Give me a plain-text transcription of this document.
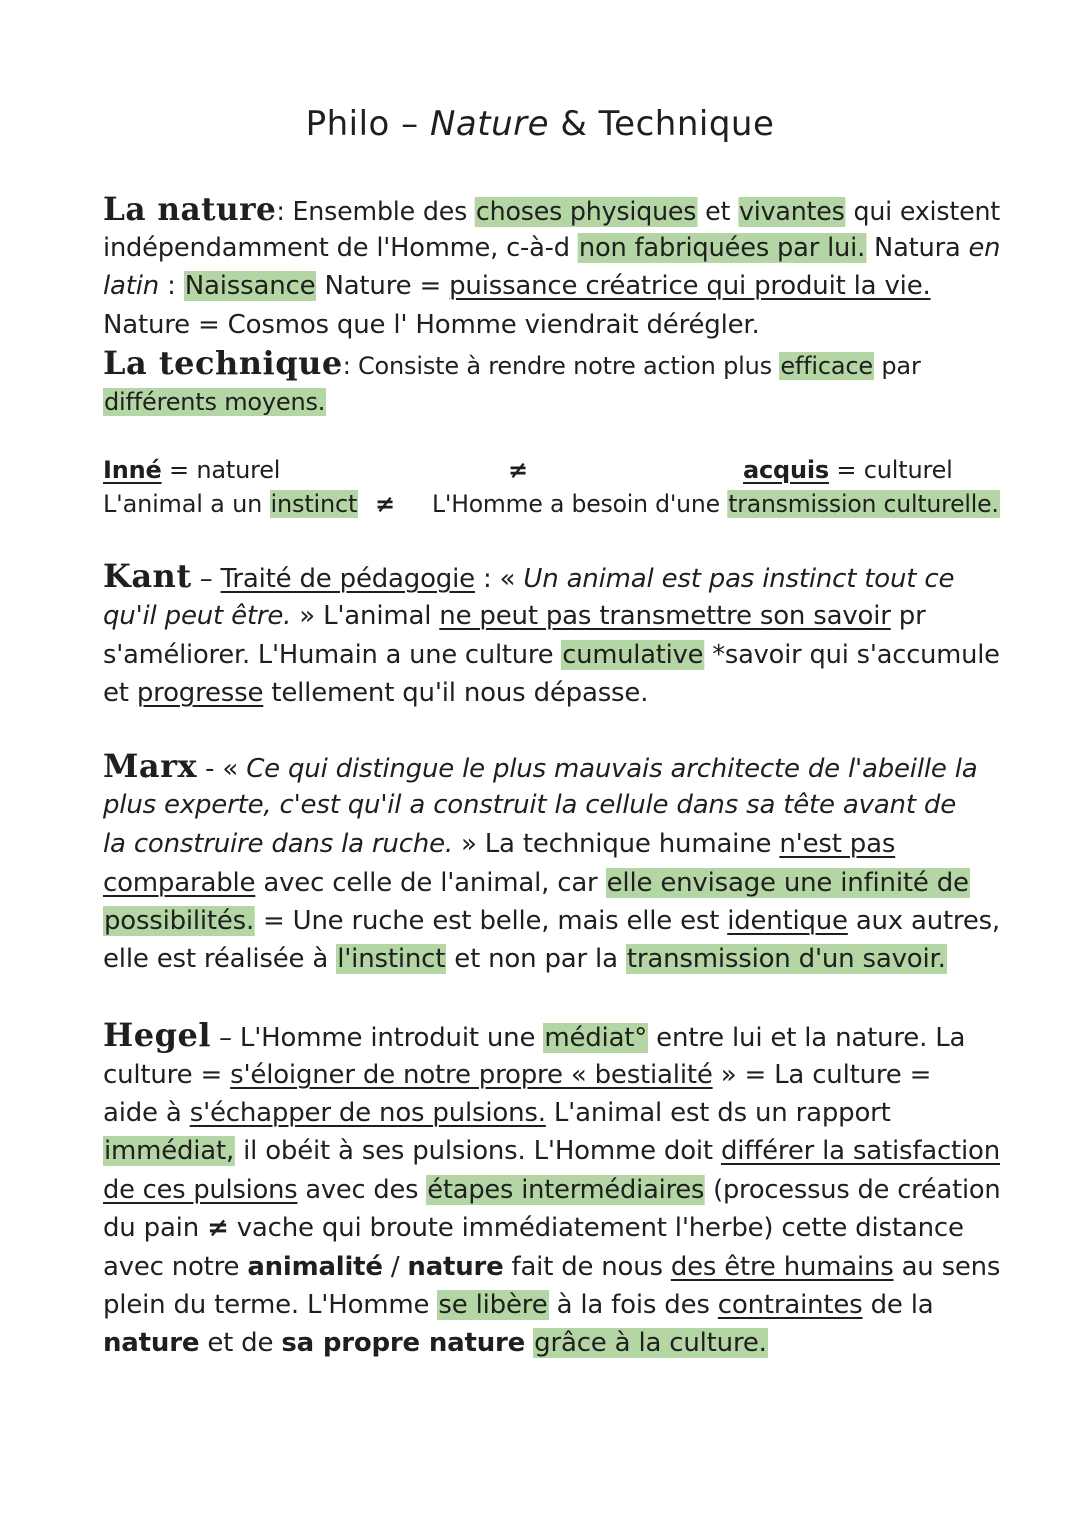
Philo – Nature & Technique
La nature: Ensemble des choses physiques et vivantes qui existent
indépendamment de l'Homme, c-à-d non fabriquées par lui. Natura en
latin : Naissance Nature = puissance créatrice qui produit la vie.
Nature = Cosmos que l' Homme viendrait dérégler.
La technique: Consiste à rendre notre action plus efficace par
différents moyens.
Inné = naturel	≠	acquis = culturel
L'animal a un instinct ≠ L'Homme a besoin d'une transmission culturelle.
Kant – Traité de pédagogie : « Un animal est pas instinct tout ce
qu'il peut être. » L'animal ne peut pas transmettre son savoir pr
s'améliorer. L'Humain a une culture cumulative *savoir qui s'accumule
et progresse tellement qu'il nous dépasse.
Marx - « Ce qui distingue le plus mauvais architecte de l'abeille la
plus experte, c'est qu'il a construit la cellule dans sa tête avant de
la construire dans la ruche. » La technique humaine n'est pas
comparable avec celle de l'animal, car elle envisage une infinité de
possibilités. = Une ruche est belle, mais elle est identique aux autres,
elle est réalisée à l'instinct et non par la transmission d'un savoir.
Hegel – L'Homme introduit une médiat° entre lui et la nature. La
culture = s'éloigner de notre propre « bestialité » = La culture =
aide à s'échapper de nos pulsions. L'animal est ds un rapport
immédiat, il obéit à ses pulsions. L'Homme doit différer la satisfaction
de ces pulsions avec des étapes intermédiaires (processus de création
du pain ≠ vache qui broute immédiatement l'herbe) cette distance
avec notre animalité / nature fait de nous des être humains au sens
plein du terme. L'Homme se libère à la fois des contraintes de la
nature et de sa propre nature grâce à la culture.
